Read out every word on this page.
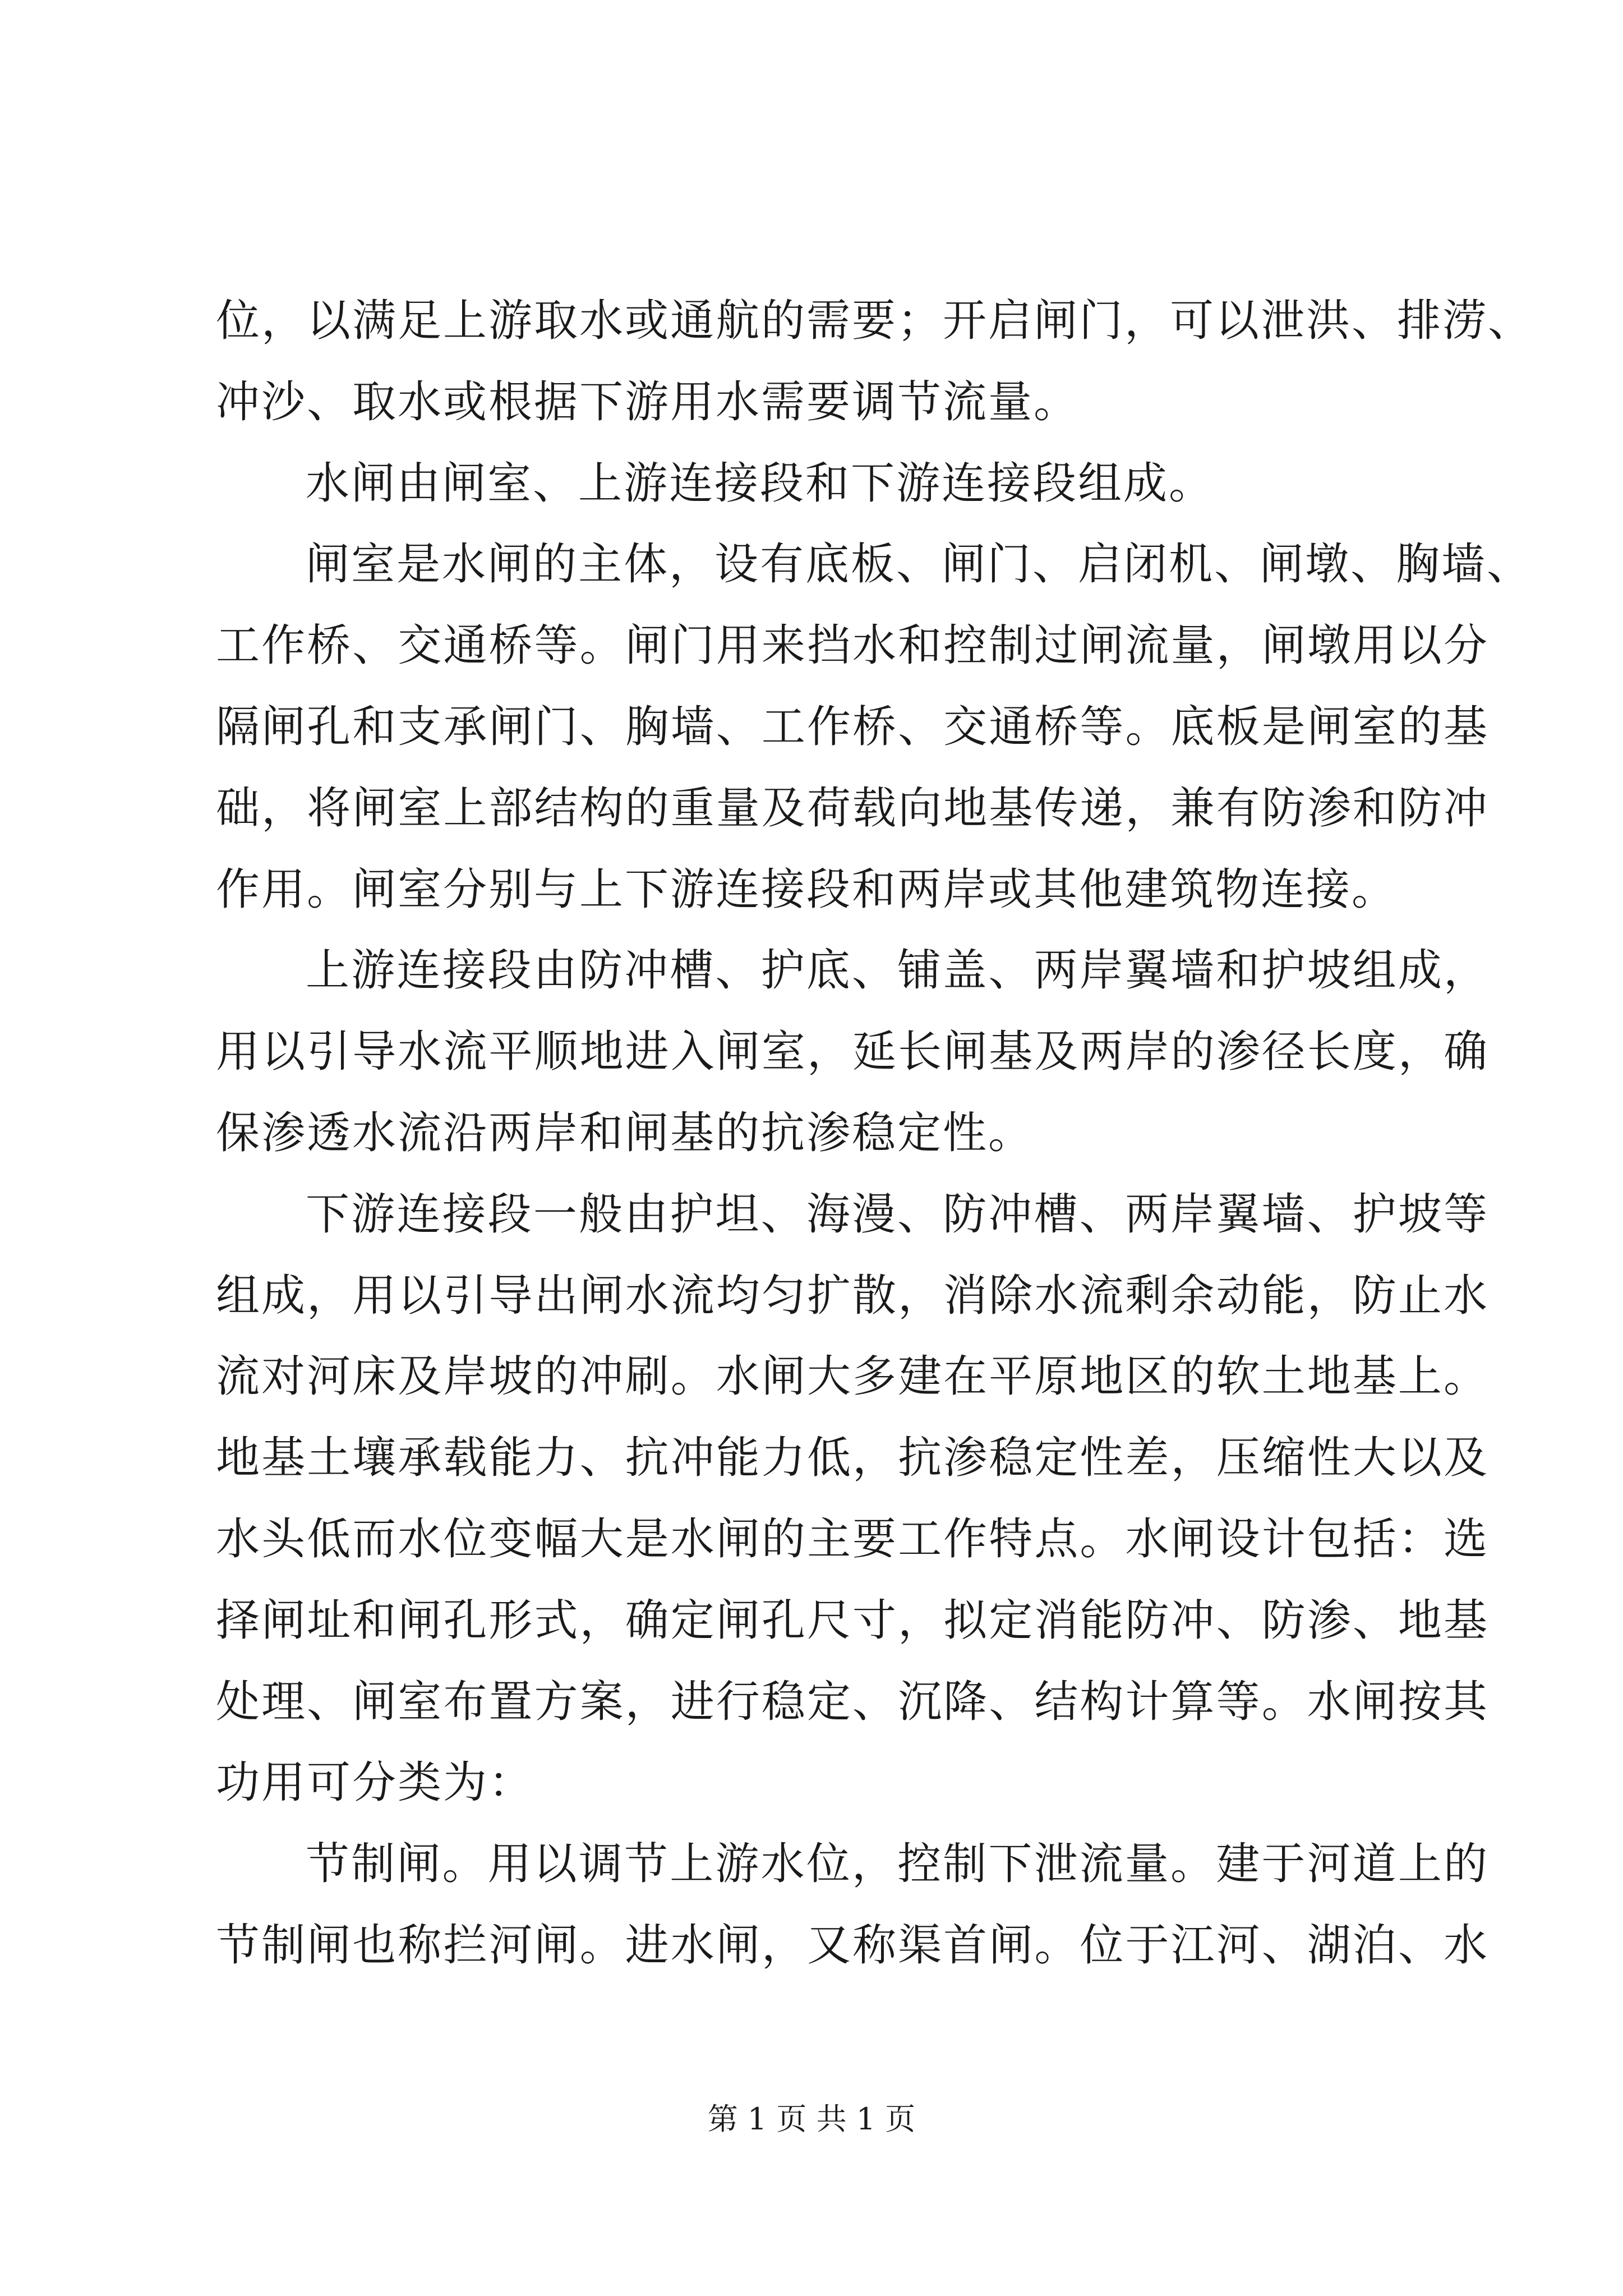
位，以满足上游取水或通航的需要；开启闸门，可以泄洪、排涝、
冲沙、取水或根据下游用水需要调节流量。
水闸由闸室、上游连接段和下游连接段组成。
闸室是水闸的主体，设有底板、闸门、启闭机、闸墩、胸墙、
工作桥、交通桥等。闸门用来挡水和控制过闸流量，闸墩用以分
隔闸孔和支承闸门、胸墙、工作桥、交通桥等。底板是闸室的基
础，将闸室上部结构的重量及荷载向地基传递，兼有防渗和防冲
作用。闸室分别与上下游连接段和两岸或其他建筑物连接。
上游连接段由防冲槽、护底、铺盖、两岸翼墙和护坡组成，
用以引导水流平顺地进入闸室，延长闸基及两岸的渗径长度，确
保渗透水流沿两岸和闸基的抗渗稳定性。
下游连接段一般由护坦、海漫、防冲槽、两岸翼墙、护坡等
组成，用以引导出闸水流均匀扩散，消除水流剩余动能，防止水
流对河床及岸坡的冲刷。水闸大多建在平原地区的软土地基上。
地基土壤承载能力、抗冲能力低，抗渗稳定性差，压缩性大以及
水头低而水位变幅大是水闸的主要工作特点。水闸设计包括：选
择闸址和闸孔形式，确定闸孔尺寸，拟定消能防冲、防渗、地基
处理、闸室布置方案，进行稳定、沉降、结构计算等。水闸按其
功用可分类为：
节制闸。用以调节上游水位，控制下泄流量。建于河道上的
节制闸也称拦河闸。进水闸，又称渠首闸。位于江河、湖泊、水
第 1 页 共 1 页
